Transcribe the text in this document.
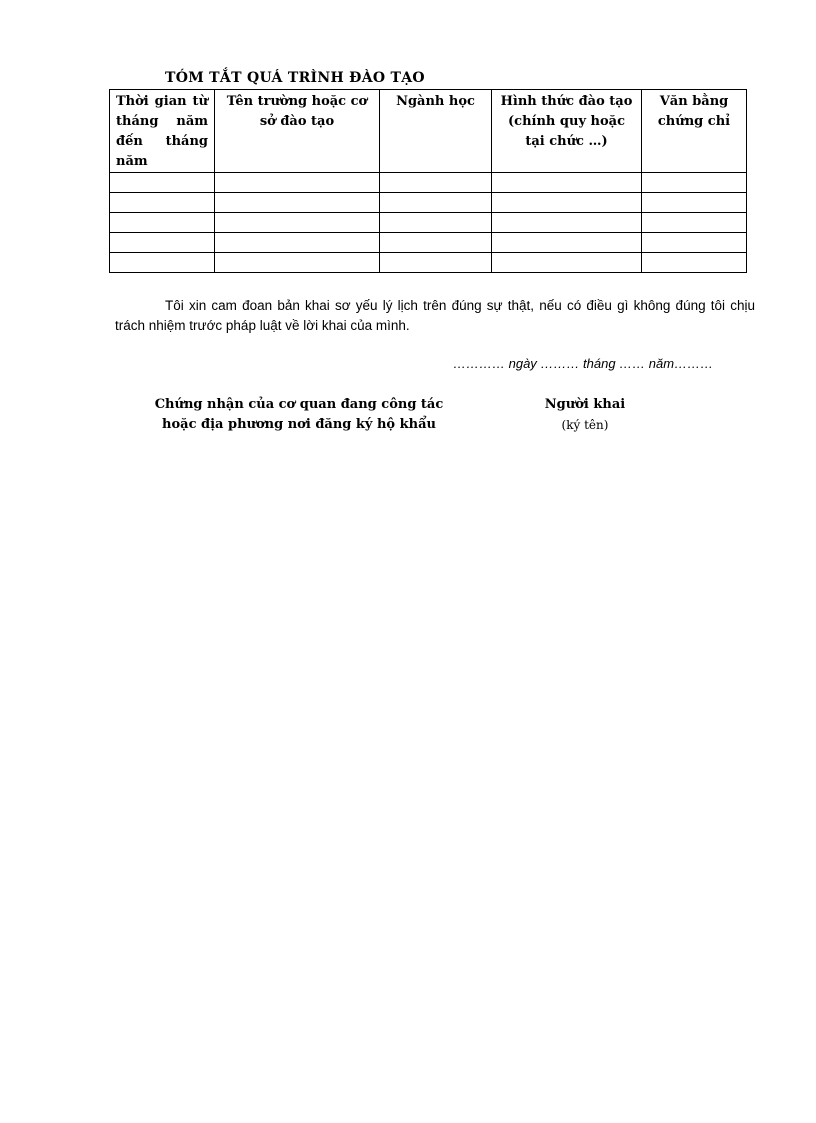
TÓM TẮT QUÁ TRÌNH ĐÀO TẠO
Thời gian từ tháng năm đến tháng năm	Tên trường hoặc cơ sở đào tạo	Ngành học	Hình thức đào tạo (chính quy hoặc tại chức …)	Văn bằng chứng chỉ

Tôi xin cam đoan bản khai sơ yếu lý lịch trên đúng sự thật, nếu có điều gì không đúng tôi chịu trách nhiệm trước pháp luật về lời khai của mình.

………… ngày ……… tháng …… năm………
Chứng nhận của cơ quan đang công tác
hoặc địa phương nơi đăng ký hộ khẩu
Người khai
(ký tên)
